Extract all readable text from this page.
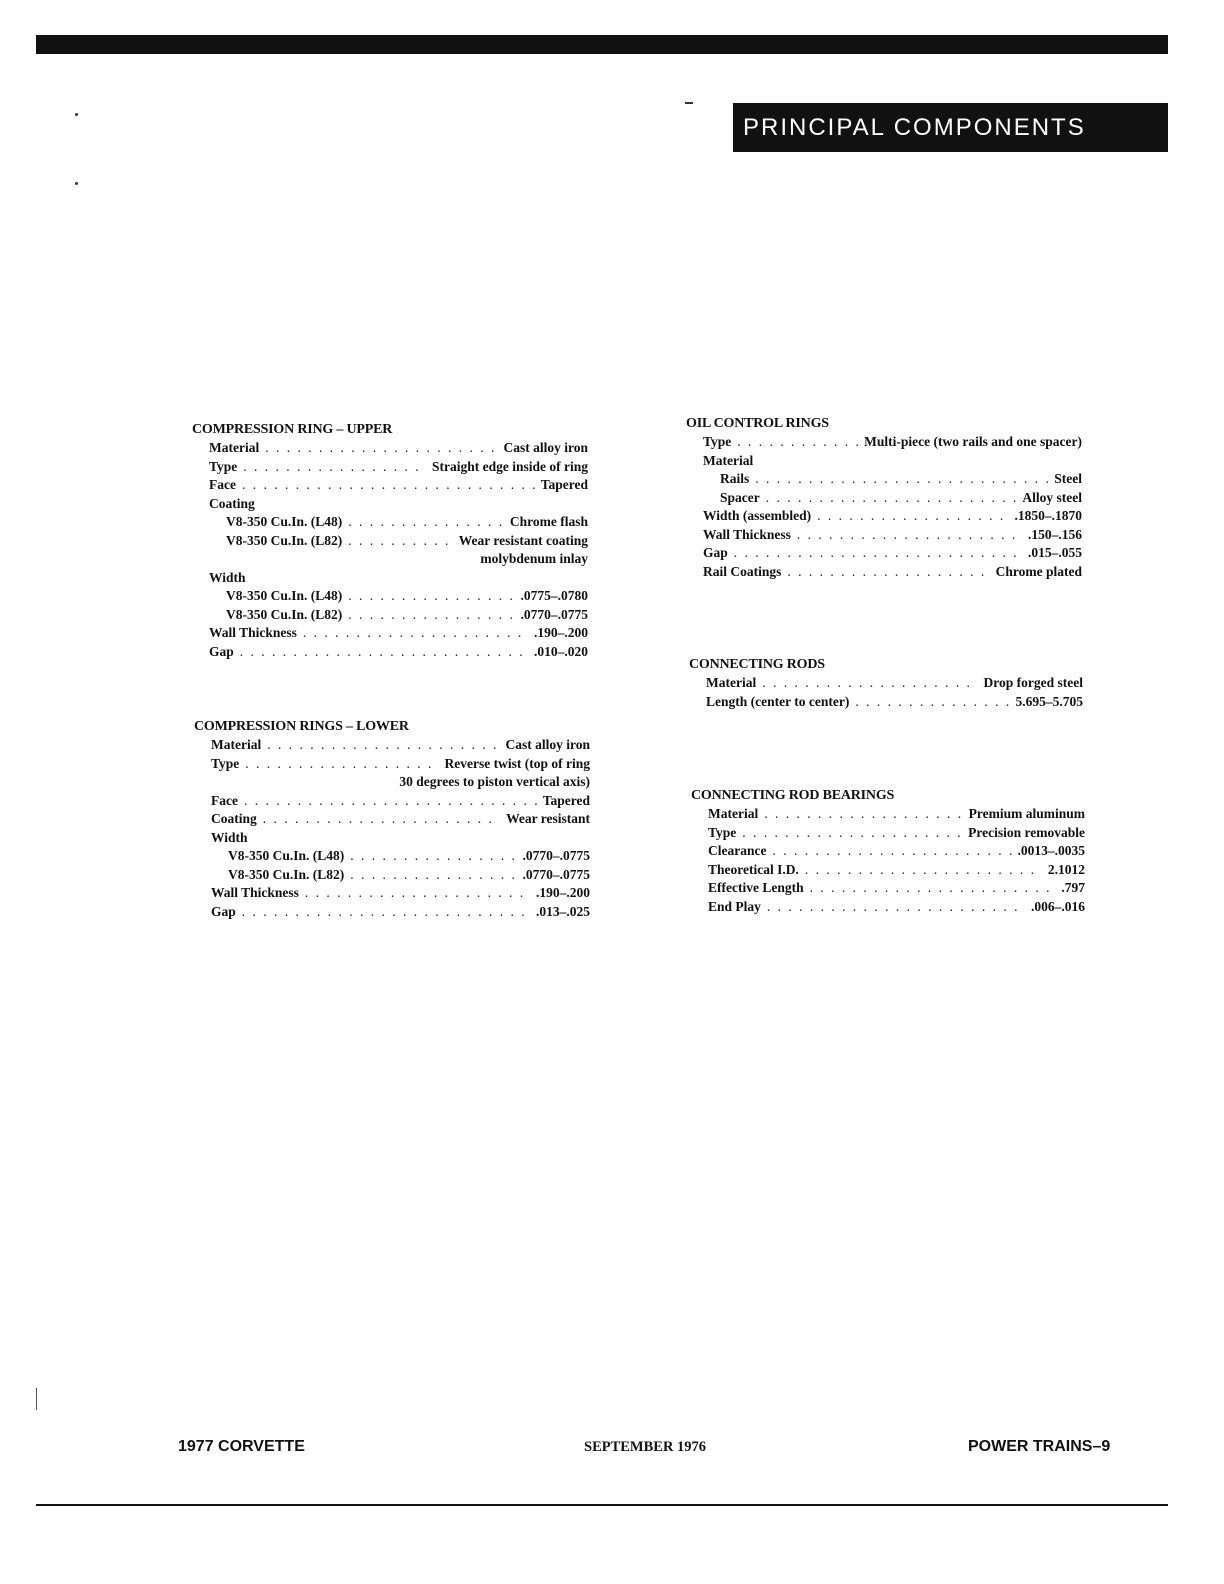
PRINCIPAL COMPONENTS
COMPRESSION RING – UPPER
Material . . .	Cast alloy iron
Type . . .	Straight edge inside of ring
Face . . .	Tapered
Coating
V8-350 Cu.In. (L48) . . .	Chrome flash
V8-350 Cu.In. (L82) . . .	Wear resistant coating
molybdenum inlay
Width
V8-350 Cu.In. (L48) . . .	.0775–.0780
V8-350 Cu.In. (L82) . . .	.0770–.0775
Wall Thickness . . .	.190–.200
Gap . . .	.010–.020
COMPRESSION RINGS – LOWER
Material . . .	Cast alloy iron
Type . . .	Reverse twist (top of ring
30 degrees to piston vertical axis)
Face . . .	Tapered
Coating . . .	Wear resistant
Width
V8-350 Cu.In. (L48) . . .	.0770–.0775
V8-350 Cu.In. (L82) . . .	.0770–.0775
Wall Thickness . . .	.190–.200
Gap . . .	.013–.025
OIL CONTROL RINGS
Type . . .	Multi-piece (two rails and one spacer)
Material
Rails . . .	Steel
Spacer . . .	Alloy steel
Width (assembled) . . .	.1850–.1870
Wall Thickness . . .	.150–.156
Gap . . .	.015–.055
Rail Coatings . . .	Chrome plated
CONNECTING RODS
Material . . .	Drop forged steel
Length (center to center) . . .	5.695–5.705
CONNECTING ROD BEARINGS
Material . . .	Premium aluminum
Type . . .	Precision removable
Clearance . . .	.0013–.0035
Theoretical I.D. . . .	2.1012
Effective Length . . .	.797
End Play . . .	.006–.016
1977 CORVETTE	SEPTEMBER 1976	POWER TRAINS–9
